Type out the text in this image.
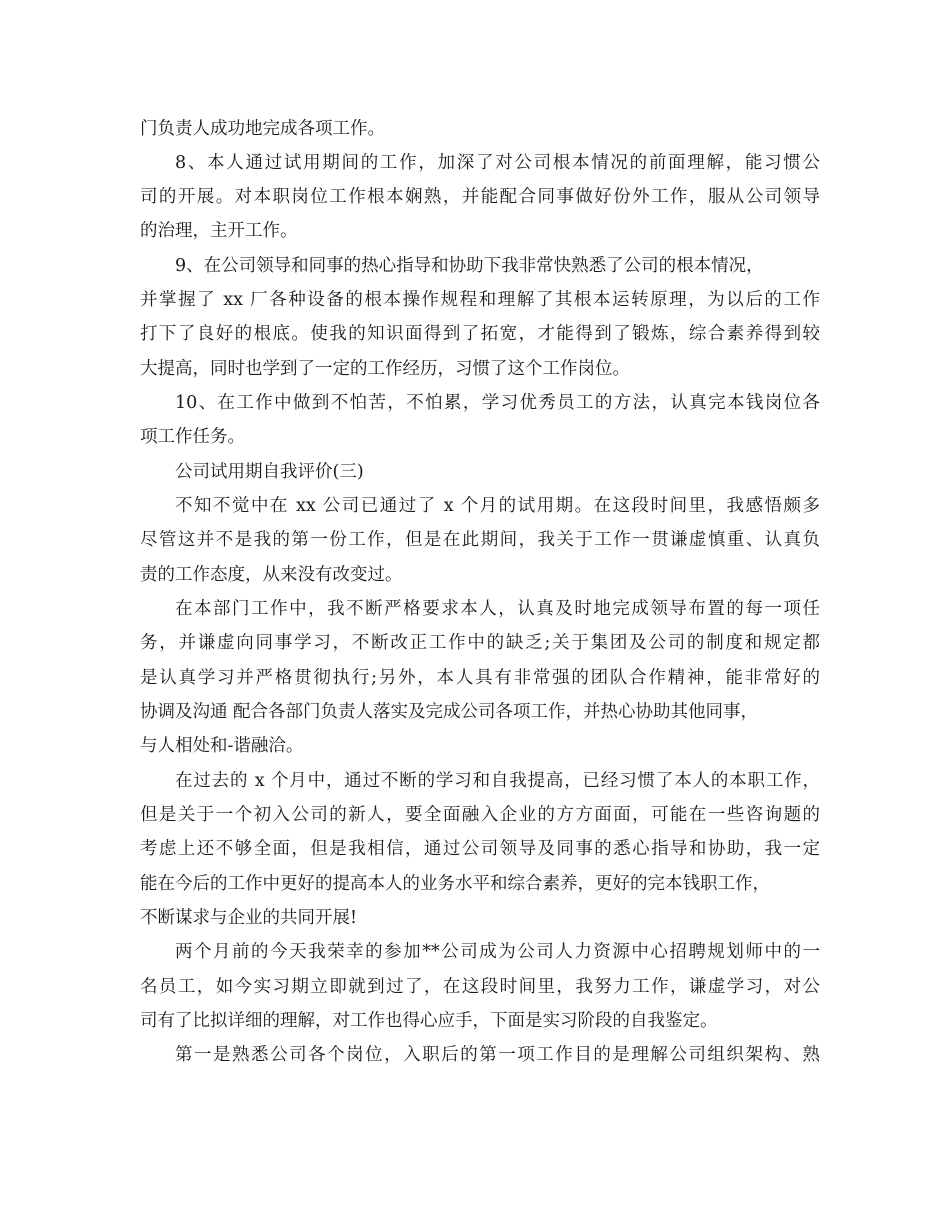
门负责人成功地完成各项工作。
8、本人通过试用期间的工作，加深了对公司根本情况的前面理解，能习惯公
司的开展。对本职岗位工作根本娴熟，并能配合同事做好份外工作，服从公司领导
的治理，主开工作。
9、在公司领导和同事的热心指导和协助下我非常快熟悉了公司的根本情况，
并掌握了 xx 厂各种设备的根本操作规程和理解了其根本运转原理，为以后的工作
打下了良好的根底。使我的知识面得到了拓宽，才能得到了锻炼，综合素养得到较
大提高，同时也学到了一定的工作经历，习惯了这个工作岗位。
10、在工作中做到不怕苦，不怕累，学习优秀员工的方法，认真完本钱岗位各
项工作任务。
公司试用期自我评价(三)
不知不觉中在 xx 公司已通过了 x 个月的试用期。在这段时间里，我感悟颇多
尽管这并不是我的第一份工作，但是在此期间，我关于工作一贯谦虚慎重、认真负
责的工作态度，从来没有改变过。
在本部门工作中，我不断严格要求本人，认真及时地完成领导布置的每一项任
务，并谦虚向同事学习，不断改正工作中的缺乏;关于集团及公司的制度和规定都
是认真学习并严格贯彻执行;另外，本人具有非常强的团队合作精神，能非常好的
协调及沟通 配合各部门负责人落实及完成公司各项工作，并热心协助其他同事，
与人相处和-谐融洽。
在过去的 x 个月中，通过不断的学习和自我提高，已经习惯了本人的本职工作，
但是关于一个初入公司的新人，要全面融入企业的方方面面，可能在一些咨询题的
考虑上还不够全面，但是我相信，通过公司领导及同事的悉心指导和协助，我一定
能在今后的工作中更好的提高本人的业务水平和综合素养，更好的完本钱职工作，
不断谋求与企业的共同开展!
两个月前的今天我荣幸的参加**公司成为公司人力资源中心招聘规划师中的一
名员工，如今实习期立即就到过了，在这段时间里，我努力工作，谦虚学习，对公
司有了比拟详细的理解，对工作也得心应手，下面是实习阶段的自我鉴定。
第一是熟悉公司各个岗位，入职后的第一项工作目的是理解公司组织架构、熟
